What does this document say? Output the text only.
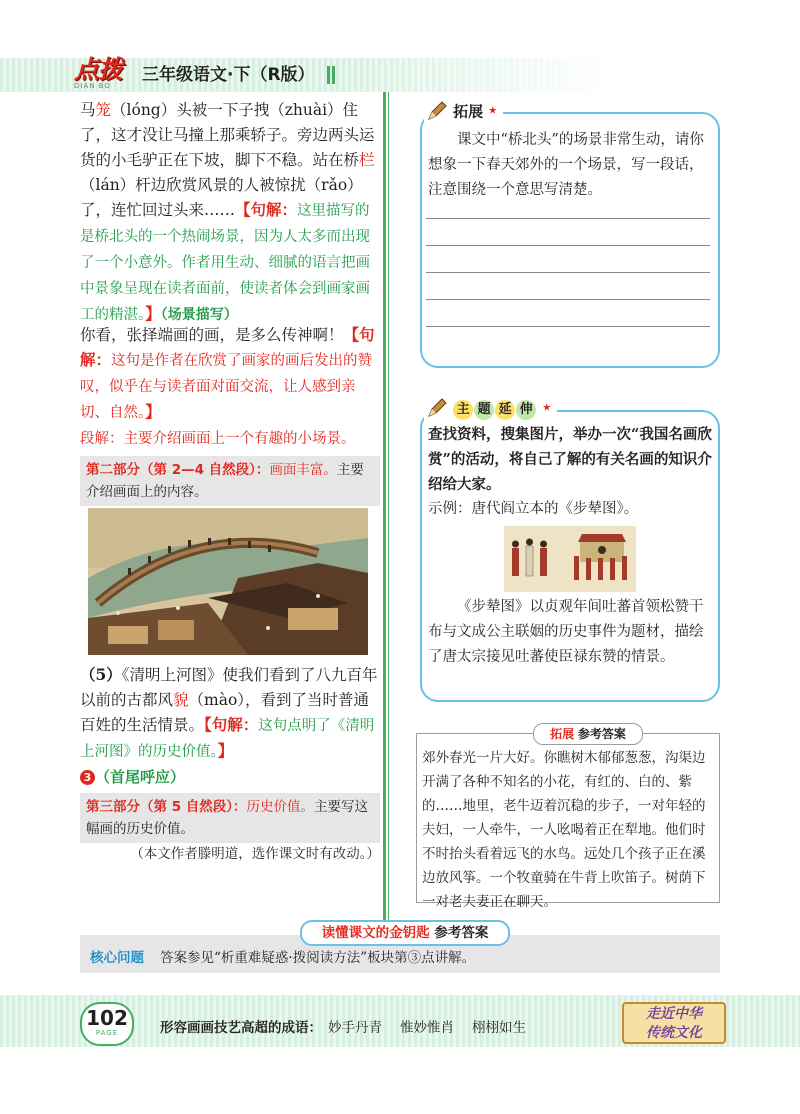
点拨
DIAN BO
三年级语文·下（R版）

马笼（lóng）头被一下子拽（zhuài）住了，这才没让马撞上那乘轿子。旁边两头运货的小毛驴正在下坡，脚下不稳。站在桥栏（lán）杆边欣赏风景的人被惊扰（rǎo）了，连忙回过头来……【句解：这里描写的是桥北头的一个热闹场景，因为人太多而出现了一个小意外。作者用生动、细腻的语言把画中景象呈现在读者面前，使读者体会到画家画工的精湛。】（场景描写）

你看，张择端画的画，是多么传神啊！【句解：这句是作者在欣赏了画家的画后发出的赞叹，似乎在与读者面对面交流，让人感到亲切、自然。】

段解：主要介绍画面上一个有趣的小场景。
第二部分（第 2—4 自然段）：画面丰富。主要介绍画面上的内容。

（5）《清明上河图》使我们看到了八九百年以前的古都风貌（mào），看到了当时普通百姓的生活情景。【句解：这句点明了《清明上河图》的历史价值。】

3 （首尾呼应）
第三部分（第 5 自然段）：历史价值。主要写这幅画的历史价值。
（本文作者滕明道，选作课文时有改动。）
拓展 ★
课文中“桥北头”的场景非常生动，请你想象一下春天郊外的一个场景，写一段话，注意围绕一个意思写清楚。
主 题 延 伸 ★
查找资料，搜集图片，举办一次“我国名画欣赏”的活动，将自己了解的有关名画的知识介绍给大家。
示例：唐代阎立本的《步辇图》。
《步辇图》以贞观年间吐蕃首领松赞干布与文成公主联姻的历史事件为题材，描绘了唐太宗接见吐蕃使臣禄东赞的情景。
拓展 参考答案
郊外春光一片大好。你瞧树木郁郁葱葱，沟渠边开满了各种不知名的小花，有红的、白的、紫的……地里，老牛迈着沉稳的步子，一对年轻的夫妇，一人牵牛，一人吆喝着正在犁地。他们时不时抬头看着远飞的水鸟。远处几个孩子正在溪边放风筝。一个牧童骑在牛背上吹笛子。树荫下一对老夫妻正在聊天。
读懂课文的金钥匙 参考答案
核心问题 答案参见“析重难疑惑·拨阅读方法”板块第③点讲解。
102
PAGE	形容画画技艺高超的成语： 妙手丹青 惟妙惟肖 栩栩如生
走近中华
传统文化
